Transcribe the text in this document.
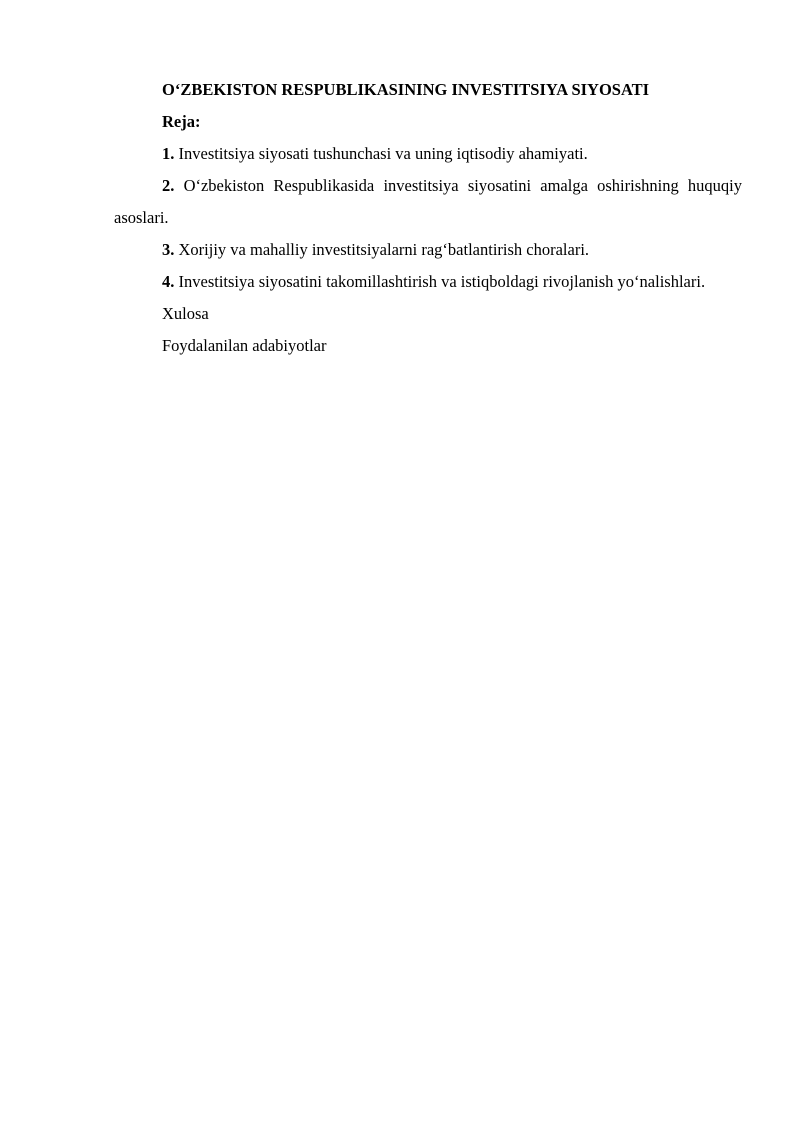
O‘ZBEKISTON RESPUBLIKASINING INVESTITSIYA SIYOSATI

Reja:

1. Investitsiya siyosati tushunchasi va uning iqtisodiy ahamiyati.

2. O‘zbekiston Respublikasida investitsiya siyosatini amalga oshirishning huquqiy asoslari.

3. Xorijiy va mahalliy investitsiyalarni rag‘batlantirish choralari.

4. Investitsiya siyosatini takomillashtirish va istiqboldagi rivojlanish yo‘nalishlari.

Xulosa

Foydalanilan adabiyotlar
